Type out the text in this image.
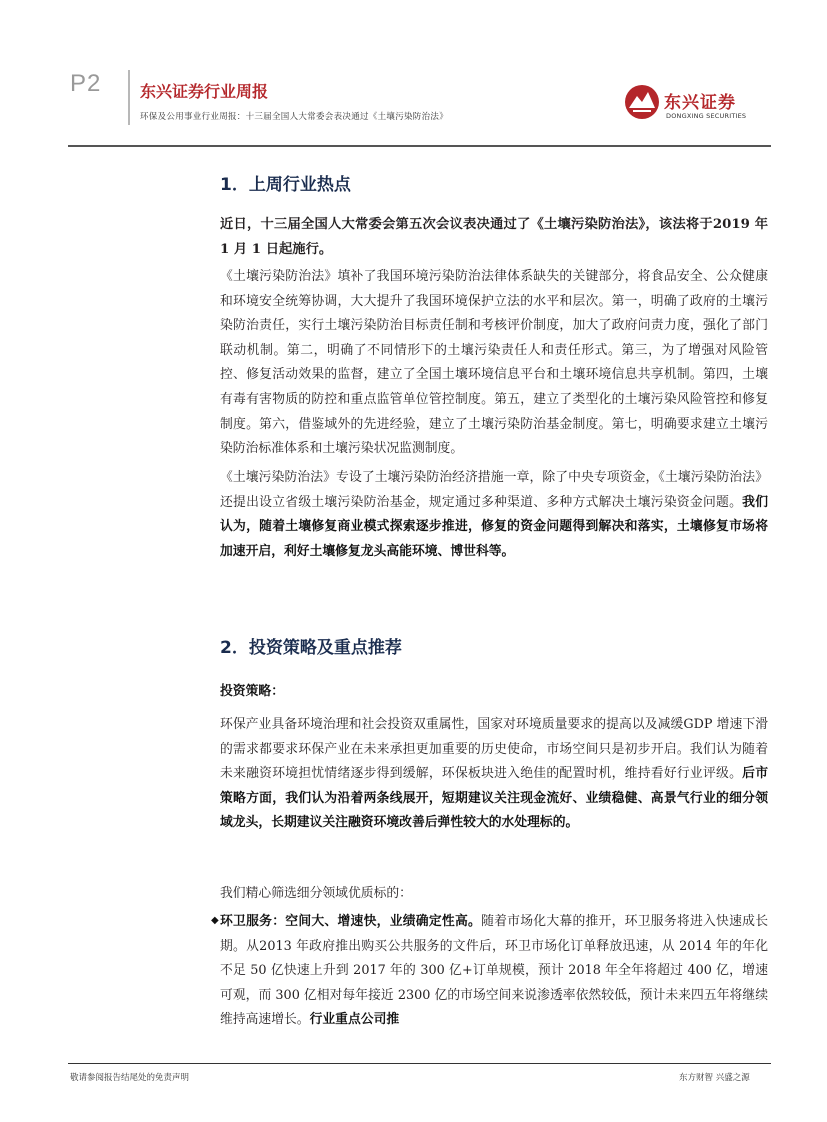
P2 东兴证券行业周报
环保及公用事业行业周报：十三届全国人大常委会表决通过《土壤污染防治法》
东兴证券
DONGXING SECURITIES
1．上周行业热点
近日，十三届全国人大常委会第五次会议表决通过了《土壤污染防治法》，该法将于2019 年 1 月 1 日起施行。
《土壤污染防治法》填补了我国环境污染防治法律体系缺失的关键部分，将食品安全、公众健康和环境安全统筹协调，大大提升了我国环境保护立法的水平和层次。第一，明确了政府的土壤污染防治责任，实行土壤污染防治目标责任制和考核评价制度，加大了政府问责力度，强化了部门联动机制。第二，明确了不同情形下的土壤污染责任人和责任形式。第三，为了增强对风险管控、修复活动效果的监督，建立了全国土壤环境信息平台和土壤环境信息共享机制。第四，土壤有毒有害物质的防控和重点监管单位管控制度。第五，建立了类型化的土壤污染风险管控和修复制度。第六，借鉴域外的先进经验，建立了土壤污染防治基金制度。第七，明确要求建立土壤污染防治标准体系和土壤污染状况监测制度。
《土壤污染防治法》专设了土壤污染防治经济措施一章，除了中央专项资金，《土壤污染防治法》还提出设立省级土壤污染防治基金，规定通过多种渠道、多种方式解决土壤污染资金问题。我们认为，随着土壤修复商业模式探索逐步推进，修复的资金问题得到解决和落实，土壤修复市场将加速开启，利好土壤修复龙头高能环境、博世科等。
2．投资策略及重点推荐
投资策略：
环保产业具备环境治理和社会投资双重属性，国家对环境质量要求的提高以及减缓GDP 增速下滑的需求都要求环保产业在未来承担更加重要的历史使命，市场空间只是初步开启。我们认为随着未来融资环境担忧情绪逐步得到缓解，环保板块进入绝佳的配置时机，维持看好行业评级。后市策略方面，我们认为沿着两条线展开，短期建议关注现金流好、业绩稳健、高景气行业的细分领域龙头，长期建议关注融资环境改善后弹性较大的水处理标的。
我们精心筛选细分领域优质标的：
◆ 环卫服务：空间大、增速快，业绩确定性高。随着市场化大幕的推开，环卫服务将进入快速成长期。从2013 年政府推出购买公共服务的文件后，环卫市场化订单释放迅速，从 2014 年的年化不足 50 亿快速上升到 2017 年的 300 亿+订单规模，预计 2018 年全年将超过 400 亿，增速可观，而 300 亿相对每年接近 2300 亿的市场空间来说渗透率依然较低，预计未来四五年将继续维持高速增长。行业重点公司推
敬请参阅报告结尾处的免责声明	东方财智 兴盛之源
